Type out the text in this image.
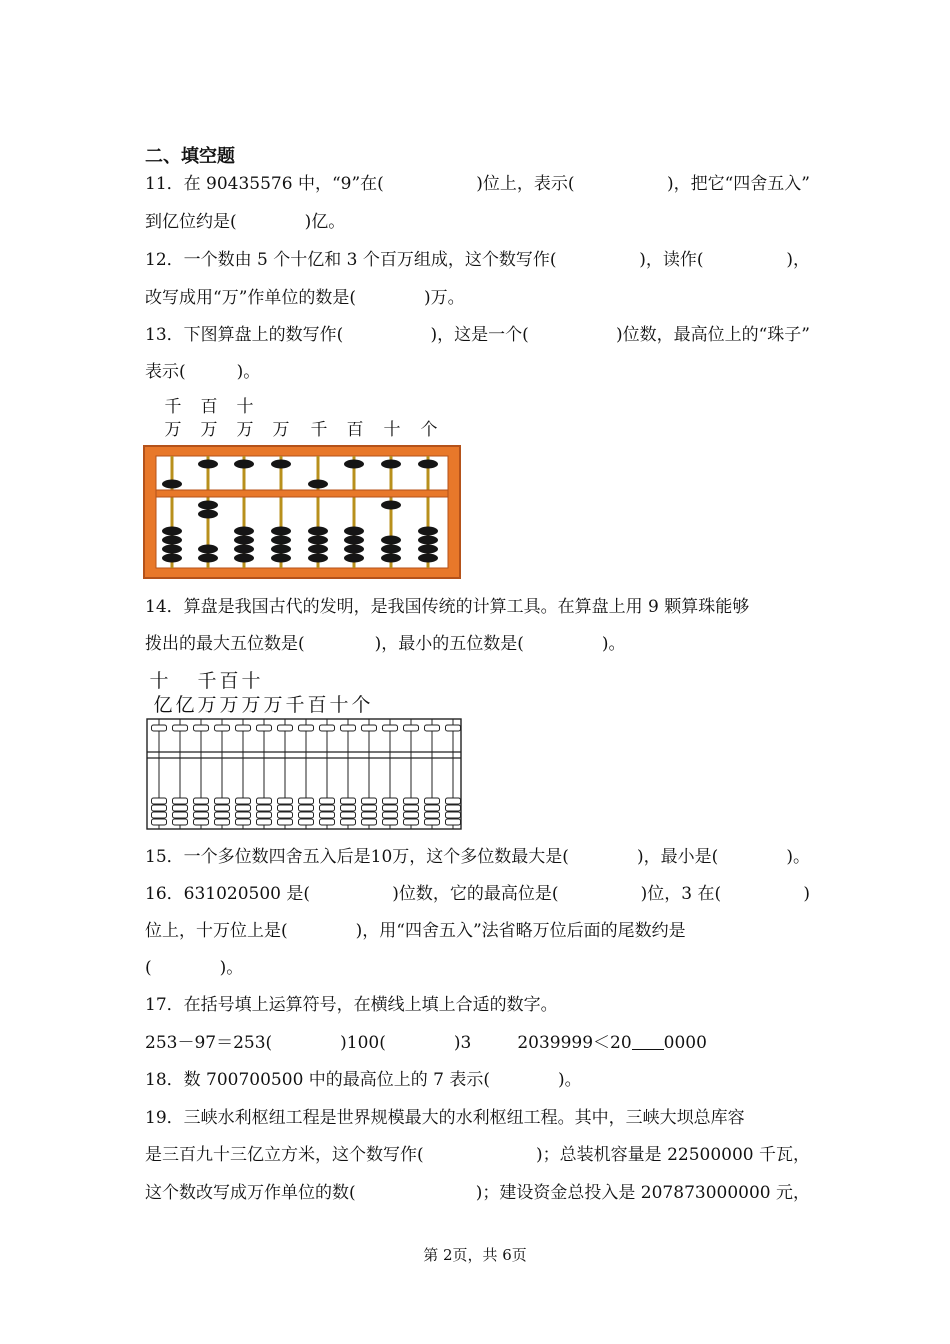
二、填空题
11．在 90435576 中，“9”在(	)位上，表示(	)，把它“四舍五入”
到亿位约是(　　　　)亿。
12．一个数由 5 个十亿和 3 个百万组成，这个数写作(	)，读作(	)，
改写成用“万”作单位的数是(　　　　)万。
13．下图算盘上的数写作(	)，这是一个(	)位数，最高位上的“珠子”
表示(　　　)。
千	百	十
万	万	万	万	千	百	十	个
14．算盘是我国古代的发明，是我国传统的计算工具。在算盘上用 9 颗算珠能够
拨出的最大五位数是(	)，最小的五位数是(	)。
十 千 百 十
亿 亿 万 万 万 万 千 百 十 个
15．一个多位数四舍五入后是10万，这个多位数最大是(	)，最小是(	)。
16．631020500 是(	)位数，它的最高位是(	)位，3 在(	)
位上，十万位上是(　　　　)，用“四舍五入”法省略万位后面的尾数约是
(　　　　)。
17．在括号填上运算符号，在横线上填上合适的数字。
253－97＝253(　　　　)100(　　　　)3	2039999＜20 0000
18．数 700700500 中的最高位上的 7 表示(　　　　)。
19．三峡水利枢纽工程是世界规模最大的水利枢纽工程。其中，三峡大坝总库容
是三百九十三亿立方米，这个数写作(	)；总装机容量是 22500000 千瓦，
这个数改写成万作单位的数(	)；建设资金总投入是 207873000000 元，
第 2页，共 6页
